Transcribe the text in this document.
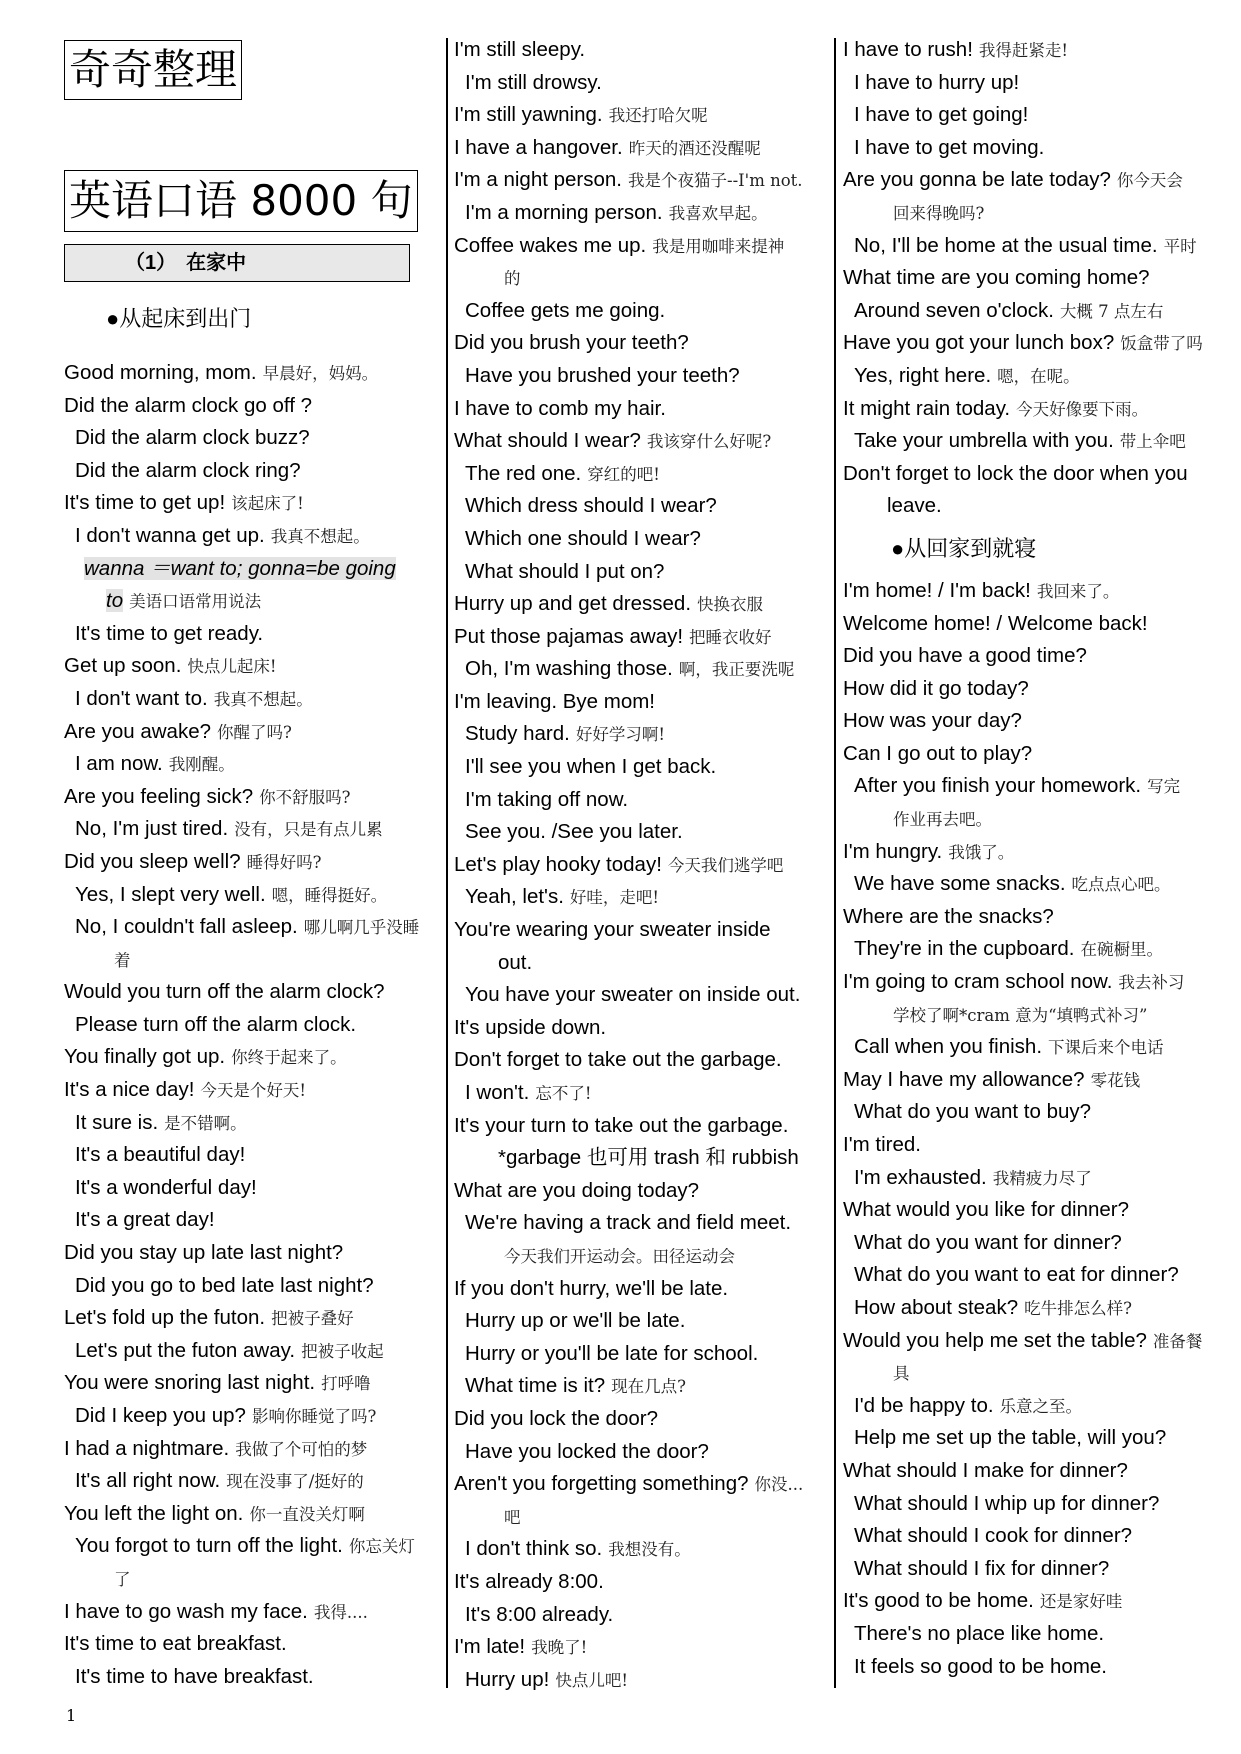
奇奇整理
英语口语 8000 句
（1）　在家中
●从起床到出门
Good morning, mom. 早晨好，妈妈。
Did the alarm clock go off ?
Did the alarm clock buzz?
Did the alarm clock ring?
It's time to get up! 该起床了!
I don't wanna get up. 我真不想起。
wanna ＝want to; gonna=be going
to 美语口语常用说法
It's time to get ready.
Get up soon. 快点儿起床!
I don't want to. 我真不想起。
Are you awake? 你醒了吗?
I am now. 我刚醒。
Are you feeling sick? 你不舒服吗?
No, I'm just tired. 没有，只是有点儿累
Did you sleep well? 睡得好吗?
Yes, I slept very well. 嗯，睡得挺好。
No, I couldn't fall asleep. 哪儿啊几乎没睡
着
Would you turn off the alarm clock?
Please turn off the alarm clock.
You finally got up. 你终于起来了。
It's a nice day! 今天是个好天!
It sure is. 是不错啊。
It's a beautiful day!
It's a wonderful day!
It's a great day!
Did you stay up late last night?
Did you go to bed late last night?
Let's fold up the futon. 把被子叠好
Let's put the futon away. 把被子收起
You were snoring last night. 打呼噜
Did I keep you up? 影响你睡觉了吗?
I had a nightmare. 我做了个可怕的梦
It's all right now. 现在没事了/挺好的
You left the light on. 你一直没关灯啊
You forgot to turn off the light. 你忘关灯
了
I have to go wash my face. 我得....
It's time to eat breakfast.
It's time to have breakfast.
I'm still sleepy.
I'm still drowsy.
I'm still yawning. 我还打哈欠呢
I have a hangover. 昨天的酒还没醒呢
I'm a night person. 我是个夜猫子--I'm not.
I'm a morning person. 我喜欢早起。
Coffee wakes me up. 我是用咖啡来提神
的
Coffee gets me going.
Did you brush your teeth?
Have you brushed your teeth?
I have to comb my hair.
What should I wear? 我该穿什么好呢?
The red one. 穿红的吧!
Which dress should I wear?
Which one should I wear?
What should I put on?
Hurry up and get dressed. 快换衣服
Put those pajamas away! 把睡衣收好
Oh, I'm washing those. 啊，我正要洗呢
I'm leaving. Bye mom!
Study hard. 好好学习啊!
I'll see you when I get back.
I'm taking off now.
See you. /See you later.
Let's play hooky today! 今天我们逃学吧
Yeah, let's. 好哇，走吧!
You're wearing your sweater inside
out.
You have your sweater on inside out.
It's upside down.
Don't forget to take out the garbage.
I won't. 忘不了!
It's your turn to take out the garbage.
*garbage 也可用 trash 和 rubbish
What are you doing today?
We're having a track and field meet.
今天我们开运动会。田径运动会
If you don't hurry, we'll be late.
Hurry up or we'll be late.
Hurry or you'll be late for school.
What time is it? 现在几点?
Did you lock the door?
Have you locked the door?
Aren't you forgetting something? 你没...
吧
I don't think so. 我想没有。
It's already 8:00.
It's 8:00 already.
I'm late! 我晚了!
Hurry up! 快点儿吧!
I have to rush! 我得赶紧走!
I have to hurry up!
I have to get going!
I have to get moving.
Are you gonna be late today? 你今天会
回来得晚吗?
No, I'll be home at the usual time. 平时
What time are you coming home?
Around seven o'clock. 大概 7 点左右
Have you got your lunch box? 饭盒带了吗
Yes, right here. 嗯，在呢。
It might rain today. 今天好像要下雨。
Take your umbrella with you. 带上伞吧
Don't forget to lock the door when you
leave.
●从回家到就寝
I'm home! / I'm back! 我回来了。
Welcome home! / Welcome back!
Did you have a good time?
How did it go today?
How was your day?
Can I go out to play?
After you finish your homework. 写完
作业再去吧。
I'm hungry. 我饿了。
We have some snacks. 吃点点心吧。
Where are the snacks?
They're in the cupboard. 在碗橱里。
I'm going to cram school now. 我去补习
学校了啊*cram 意为“填鸭式补习”
Call when you finish. 下课后来个电话
May I have my allowance? 零花钱
What do you want to buy?
I'm tired.
I'm exhausted. 我精疲力尽了
What would you like for dinner?
What do you want for dinner?
What do you want to eat for dinner?
How about steak? 吃牛排怎么样?
Would you help me set the table? 准备餐
具
I'd be happy to. 乐意之至。
Help me set up the table, will you?
What should I make for dinner?
What should I whip up for dinner?
What should I cook for dinner?
What should I fix for dinner?
It's good to be home. 还是家好哇
There's no place like home.
It feels so good to be home.
1
